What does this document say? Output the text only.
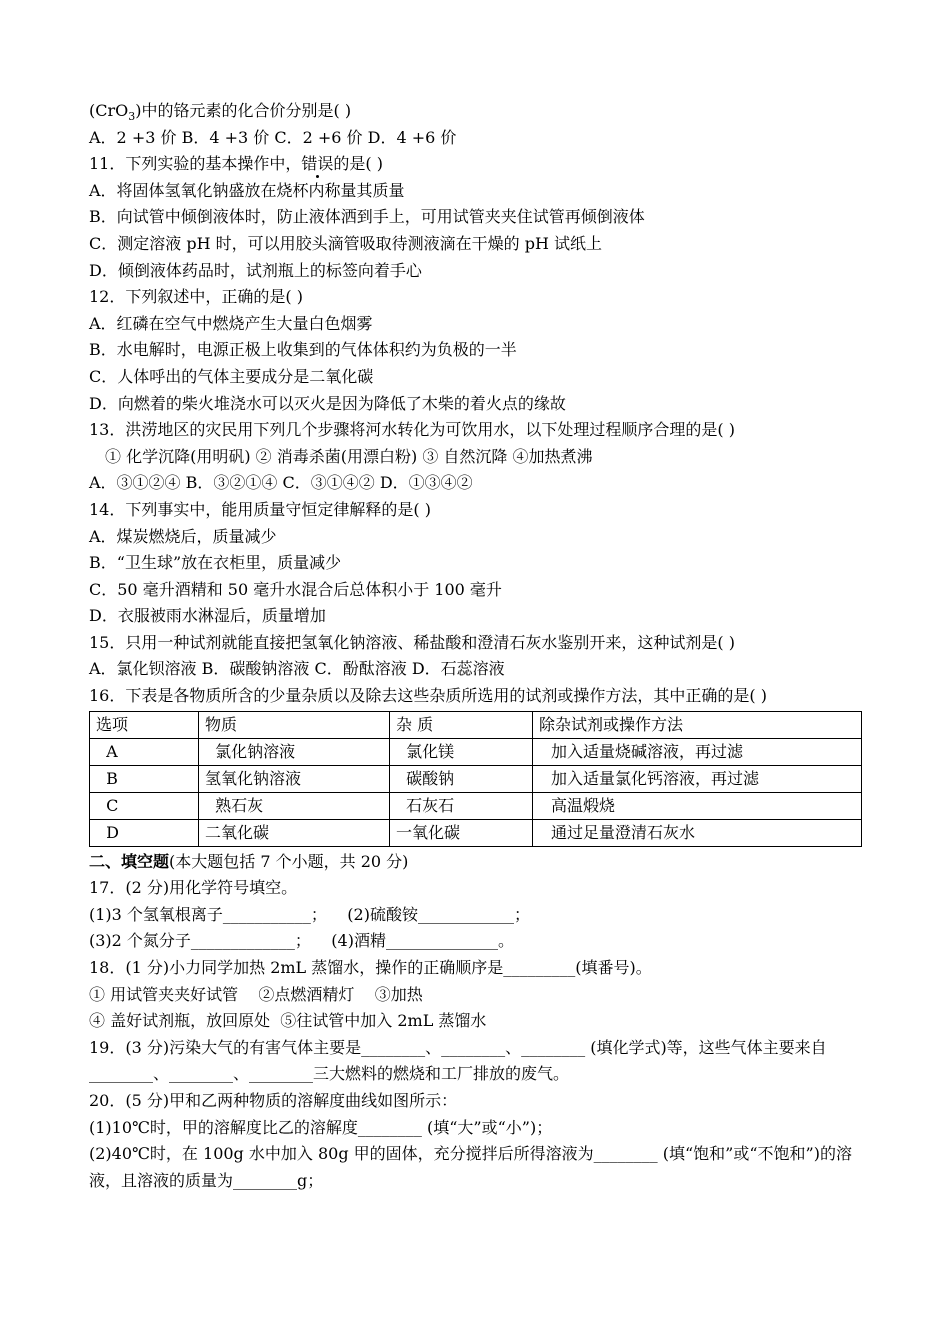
(CrO$_3$)中的铬元素的化合价分别是( )
A．2 +3 价 B．4 +3 价 C．2 +6 价 D．4 +6 价
11．下列实验的基本操作中，错误的是( )
A．将固体氢氧化钠盛放在烧杯内称量其质量
B．向试管中倾倒液体时，防止液体洒到手上，可用试管夹夹住试管再倾倒液体
C．测定溶液 pH 时，可以用胶头滴管吸取待测液滴在干燥的 pH 试纸上
D．倾倒液体药品时，试剂瓶上的标签向着手心
12．下列叙述中，正确的是( )
A．红磷在空气中燃烧产生大量白色烟雾
B．水电解时，电源正极上收集到的气体体积约为负极的一半
C．人体呼出的气体主要成分是二氧化碳
D．向燃着的柴火堆浇水可以灭火是因为降低了木柴的着火点的缘故
13．洪涝地区的灾民用下列几个步骤将河水转化为可饮用水，以下处理过程顺序合理的是( )
① 化学沉降(用明矾) ② 消毒杀菌(用漂白粉) ③ 自然沉降 ④加热煮沸
A．③①②④ B．③②①④ C．③①④② D．①③④②
14．下列事实中，能用质量守恒定律解释的是( )
A．煤炭燃烧后，质量减少
B．“卫生球”放在衣柜里，质量减少
C．50 毫升酒精和 50 毫升水混合后总体积小于 100 毫升
D．衣服被雨水淋湿后，质量增加
15．只用一种试剂就能直接把氢氧化钠溶液、稀盐酸和澄清石灰水鉴别开来，这种试剂是( )
A．氯化钡溶液 B．碳酸钠溶液 C．酚酞溶液 D．石蕊溶液
16．下表是各物质所含的少量杂质以及除去这些杂质所选用的试剂或操作方法，其中正确的是( )
选项	物质	杂 质	除杂试剂或操作方法
A	氯化钠溶液	氯化镁	加入适量烧碱溶液，再过滤
B	氢氧化钠溶液	碳酸钠	加入适量氯化钙溶液，再过滤
C	熟石灰	石灰石	高温煅烧
D	二氧化碳	一氧化碳	通过足量澄清石灰水
二、填空题(本大题包括 7 个小题，共 20 分)
17．(2 分)用化学符号填空。
(1)3 个氢氧根离子___________；    (2)硫酸铵____________；
(3)2 个氮分子_____________；    (4)酒精______________。
18．(1 分)小力同学加热 2mL 蒸馏水，操作的正确顺序是_________(填番号)。
① 用试管夹夹好试管    ②点燃酒精灯    ③加热
④ 盖好试剂瓶，放回原处  ⑤往试管中加入 2mL 蒸馏水
19．(3 分)污染大气的有害气体主要是________、________、________ (填化学式)等，这些气体主要来自________、________、________三大燃料的燃烧和工厂排放的废气。
20．(5 分)甲和乙两种物质的溶解度曲线如图所示：
(1)10℃时，甲的溶解度比乙的溶解度________ (填“大”或“小”)；
(2)40℃时，在 100g 水中加入 80g 甲的固体，充分搅拌后所得溶液为________ (填“饱和”或“不饱和”)的溶液，且溶液的质量为________g；
